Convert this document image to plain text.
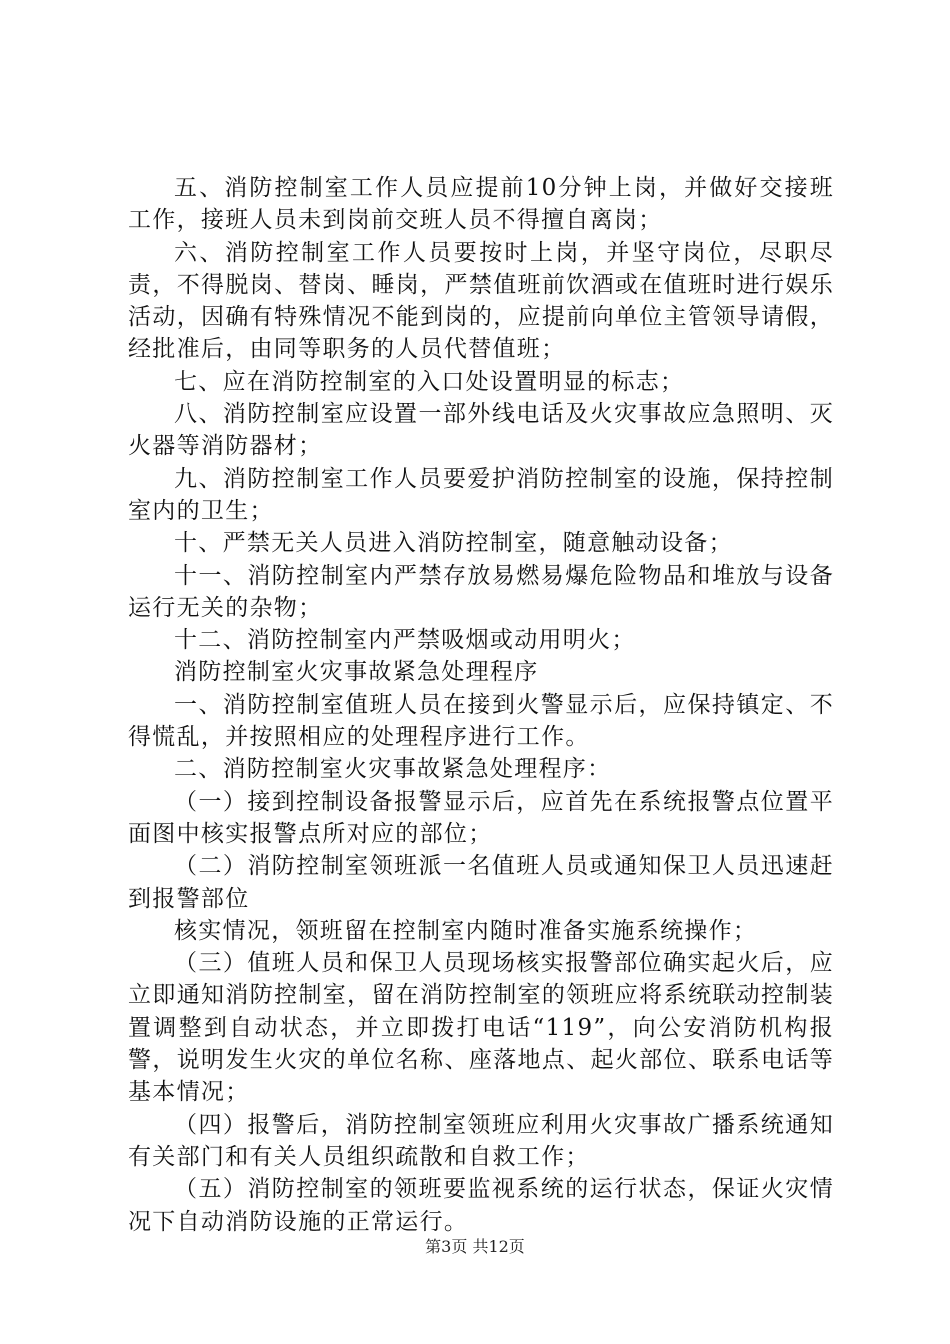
五、消防控制室工作人员应提前10分钟上岗，并做好交接班工作，接班人员未到岗前交班人员不得擅自离岗；

六、消防控制室工作人员要按时上岗，并坚守岗位，尽职尽责，不得脱岗、替岗、睡岗，严禁值班前饮酒或在值班时进行娱乐活动，因确有特殊情况不能到岗的，应提前向单位主管领导请假，经批准后，由同等职务的人员代替值班；

七、应在消防控制室的入口处设置明显的标志；

八、消防控制室应设置一部外线电话及火灾事故应急照明、灭火器等消防器材；

九、消防控制室工作人员要爱护消防控制室的设施，保持控制室内的卫生；

十、严禁无关人员进入消防控制室，随意触动设备；

十一、消防控制室内严禁存放易燃易爆危险物品和堆放与设备运行无关的杂物；

十二、消防控制室内严禁吸烟或动用明火；

消防控制室火灾事故紧急处理程序

一、消防控制室值班人员在接到火警显示后，应保持镇定、不得慌乱，并按照相应的处理程序进行工作。

二、消防控制室火灾事故紧急处理程序：

（一）接到控制设备报警显示后，应首先在系统报警点位置平面图中核实报警点所对应的部位；

（二）消防控制室领班派一名值班人员或通知保卫人员迅速赶到报警部位

核实情况，领班留在控制室内随时准备实施系统操作；

（三）值班人员和保卫人员现场核实报警部位确实起火后，应立即通知消防控制室，留在消防控制室的领班应将系统联动控制装置调整到自动状态，并立即拨打电话“119”，向公安消防机构报警，说明发生火灾的单位名称、座落地点、起火部位、联系电话等基本情况；

（四）报警后，消防控制室领班应利用火灾事故广播系统通知有关部门和有关人员组织疏散和自救工作；

（五）消防控制室的领班要监视系统的运行状态，保证火灾情况下自动消防设施的正常运行。

第3页 共12页
